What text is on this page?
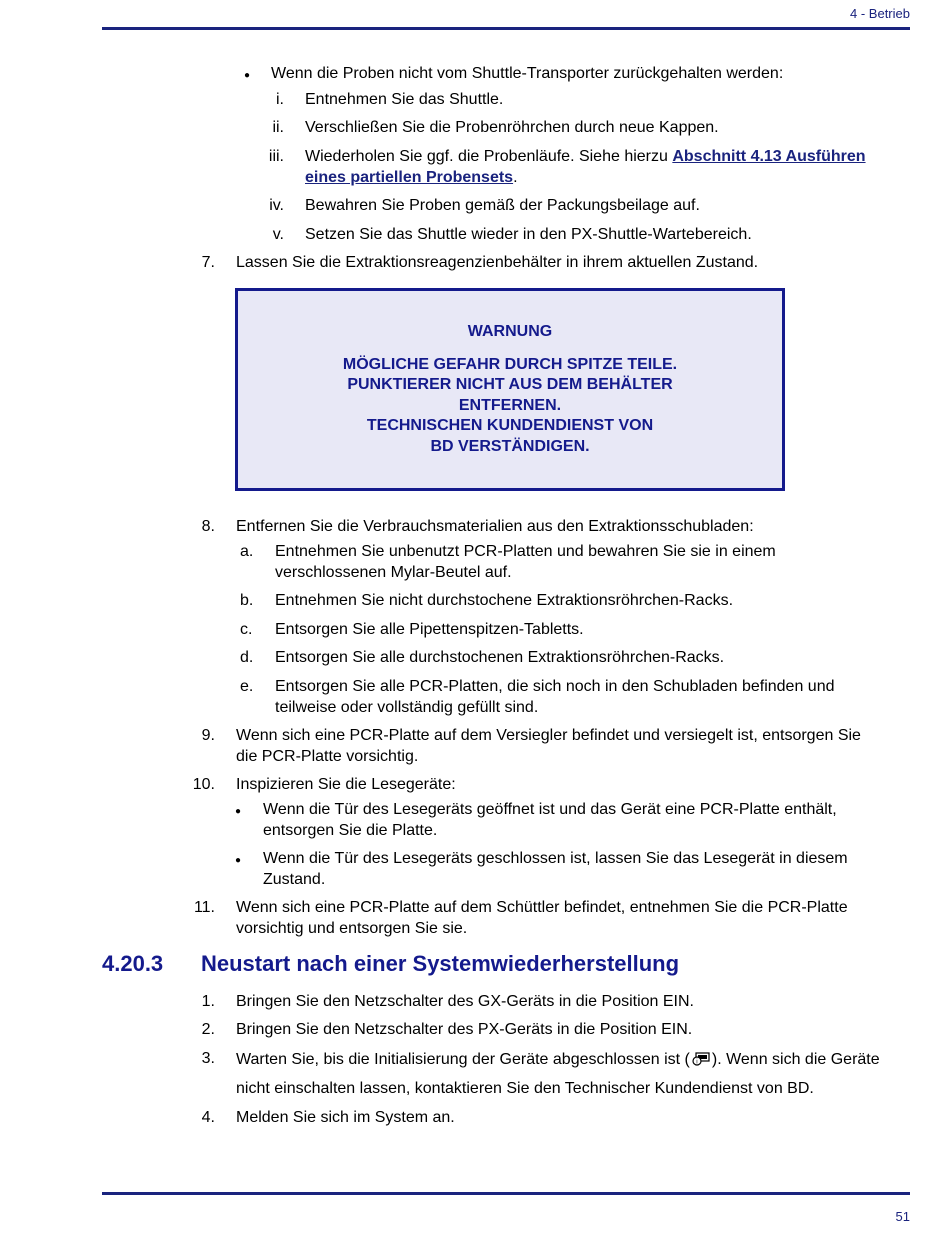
4 - Betrieb
● Wenn die Proben nicht vom Shuttle-Transporter zurückgehalten werden:
i. Entnehmen Sie das Shuttle.
ii. Verschließen Sie die Probenröhrchen durch neue Kappen.
iii. Wiederholen Sie ggf. die Probenläufe. Siehe hierzu Abschnitt 4.13 Ausführen
eines partiellen Probensets.
iv. Bewahren Sie Proben gemäß der Packungsbeilage auf.
v. Setzen Sie das Shuttle wieder in den PX-Shuttle-Wartebereich.
7. Lassen Sie die Extraktionsreagenzienbehälter in ihrem aktuellen Zustand.
WARNUNG
MÖGLICHE GEFAHR DURCH SPITZE TEILE.
PUNKTIERER NICHT AUS DEM BEHÄLTER
ENTFERNEN.
TECHNISCHEN KUNDENDIENST VON
BD VERSTÄNDIGEN.
8. Entfernen Sie die Verbrauchsmaterialien aus den Extraktionsschubladen:
a. Entnehmen Sie unbenutzt PCR-Platten und bewahren Sie sie in einem
verschlossenen Mylar-Beutel auf.
b. Entnehmen Sie nicht durchstochene Extraktionsröhrchen-Racks.
c. Entsorgen Sie alle Pipettenspitzen-Tabletts.
d. Entsorgen Sie alle durchstochenen Extraktionsröhrchen-Racks.
e. Entsorgen Sie alle PCR-Platten, die sich noch in den Schubladen befinden und
teilweise oder vollständig gefüllt sind.
9. Wenn sich eine PCR-Platte auf dem Versiegler befindet und versiegelt ist, entsorgen Sie
die PCR-Platte vorsichtig.
10. Inspizieren Sie die Lesegeräte:
● Wenn die Tür des Lesegeräts geöffnet ist und das Gerät eine PCR-Platte enthält,
entsorgen Sie die Platte.
● Wenn die Tür des Lesegeräts geschlossen ist, lassen Sie das Lesegerät in diesem
Zustand.
11. Wenn sich eine PCR-Platte auf dem Schüttler befindet, entnehmen Sie die PCR-Platte
vorsichtig und entsorgen Sie sie.
4.20.3 Neustart nach einer Systemwiederherstellung
1. Bringen Sie den Netzschalter des GX-Geräts in die Position EIN.
2. Bringen Sie den Netzschalter des PX-Geräts in die Position EIN.
3. Warten Sie, bis die Initialisierung der Geräte abgeschlossen ist ( i ). Wenn sich die Geräte
nicht einschalten lassen, kontaktieren Sie den Technischer Kundendienst von BD.
4. Melden Sie sich im System an.
51
